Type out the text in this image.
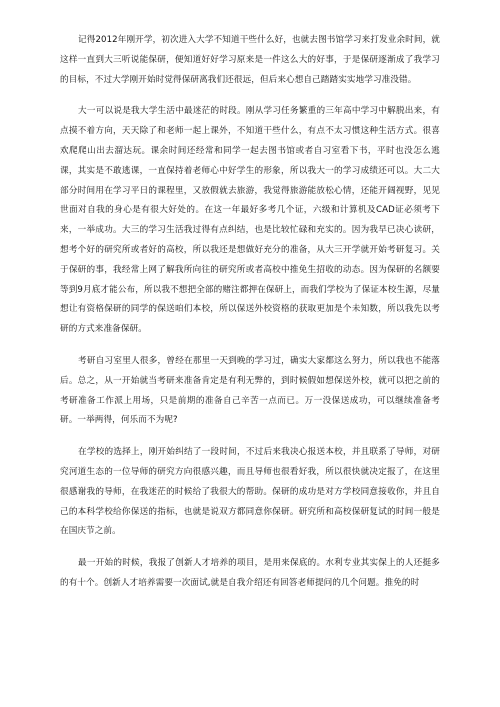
记得2012年刚开学，初次进入大学不知道干些什么好，也就去图书馆学习来打发业余时间，就这样一直到大三听说能保研，便知道好好学习原来是一件这么大的好事，于是保研逐渐成了我学习的目标，不过大学刚开始时觉得保研离我们还很远，但后来心想自己踏踏实实地学习准没错。

大一可以说是我大学生活中最迷茫的时段。刚从学习任务繁重的三年高中学习中解脱出来，有点摸不着方向，天天除了和老师一起上课外，不知道干些什么，有点不太习惯这种生活方式。很喜欢爬爬山出去溜达玩。课余时间还经常和同学一起去图书馆或者自习室看下书，平时也没怎么逃课，其实是不敢逃课，一直保持着老师心中好学生的形象，所以我大一的学习成绩还可以。大二大部分时间用在学习平日的课程里，又放假就去旅游，我觉得旅游能放松心情，还能开阔视野，见见世面对自我的身心是有很大好处的。在这一年最好多考几个证，六级和计算机及CAD证必须考下来，一举成功。大三的学习生活我过得有点纠结，也是比较忙碌和充实的。因为我早已决心读研，想考个好的研究所或者好的高校，所以我还是想做好充分的准备，从大三开学就开始考研复习。关于保研的事，我经常上网了解我所向往的研究所或者高校中推免生招收的动态。因为保研的名额要等到9月底才能公布，所以我不想把全部的赌注都押在保研上，而我们学校为了保证本校生源，尽量想让有资格保研的同学的保送咱们本校，所以保送外校资格的获取更加是个未知数，所以我先以考研的方式来准备保研。

考研自习室里人很多，曾经在那里一天到晚的学习过，确实大家都这么努力，所以我也不能落后。总之，从一开始就当考研来准备肯定是有利无弊的，到时候假如想保送外校，就可以把之前的考研准备工作派上用场，只是前期的准备自己辛苦一点而已。万一没保送成功，可以继续准备考研。一举两得，何乐而不为呢?

在学校的选择上，刚开始纠结了一段时间，不过后来我决心报送本校，并且联系了导师，对研究河道生态的一位导师的研究方向很感兴趣，而且导师也很看好我，所以很快就决定报了，在这里很感谢我的导师，在我迷茫的时候给了我很大的帮助。保研的成功是对方学校同意接收你，并且自己的本科学校给你保送的指标，也就是说双方都同意你保研。研究所和高校保研复试的时间一般是在国庆节之前。

最一开始的时候，我报了创新人才培养的项目，是用来保底的。水利专业其实保上的人还挺多的有十个。创新人才培养需要一次面试,就是自我介绍还有回答老师提问的几个问题。推免的时
